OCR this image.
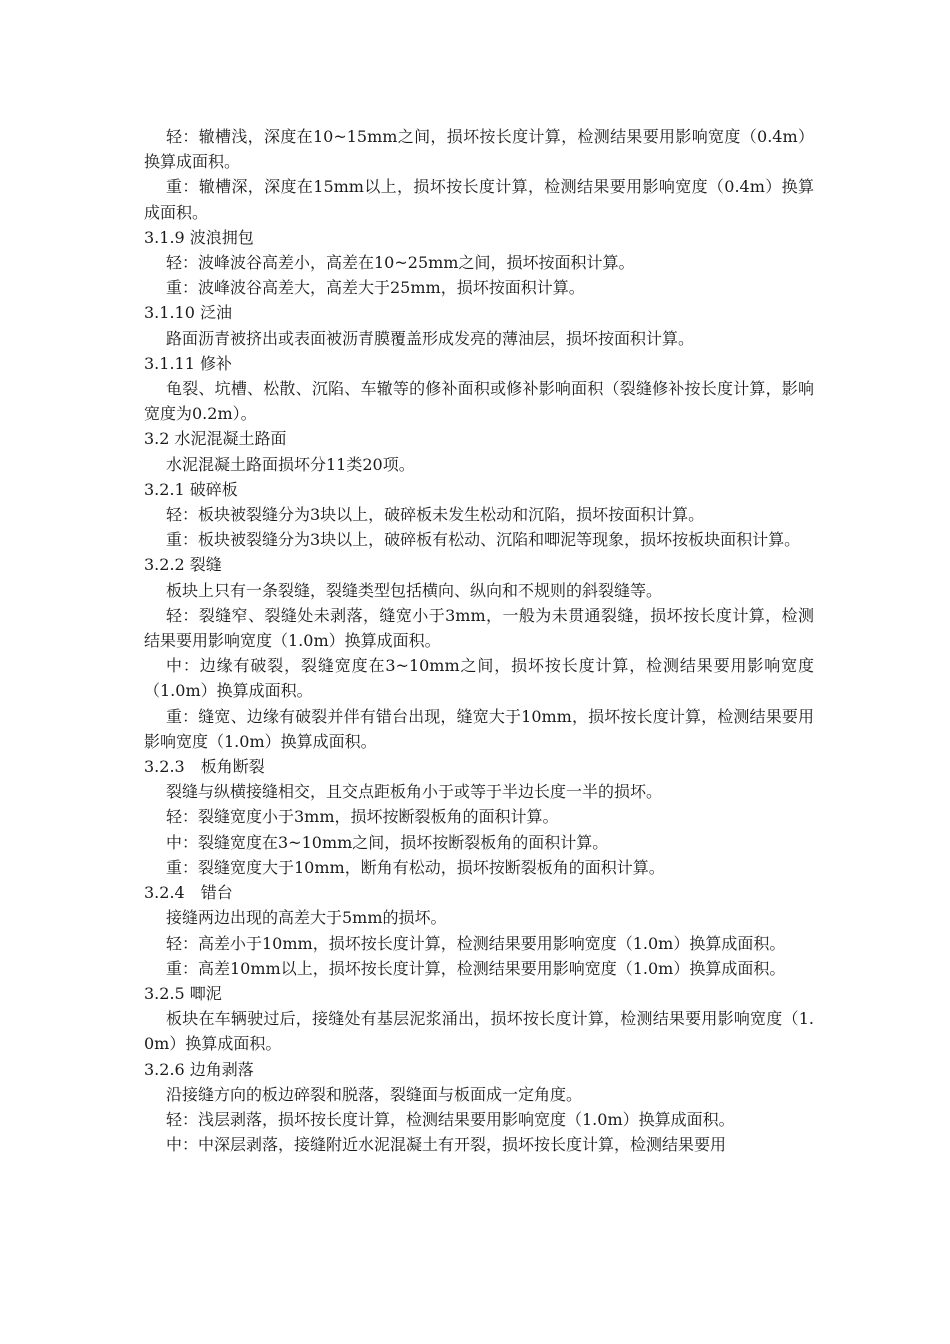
轻：辙槽浅，深度在10~15mm之间，损坏按长度计算，检测结果要用影响宽度（0.4m）换算成面积。

重：辙槽深，深度在15mm以上，损坏按长度计算，检测结果要用影响宽度（0.4m）换算成面积。

3.1.9 波浪拥包

轻：波峰波谷高差小，高差在10~25mm之间，损坏按面积计算。

重：波峰波谷高差大，高差大于25mm，损坏按面积计算。

3.1.10 泛油

路面沥青被挤出或表面被沥青膜覆盖形成发亮的薄油层，损坏按面积计算。

3.1.11 修补

龟裂、坑槽、松散、沉陷、车辙等的修补面积或修补影响面积（裂缝修补按长度计算，影响宽度为0.2m）。

3.2 水泥混凝土路面

水泥混凝土路面损坏分11类20项。

3.2.1 破碎板

轻：板块被裂缝分为3块以上，破碎板未发生松动和沉陷，损坏按面积计算。

重：板块被裂缝分为3块以上，破碎板有松动、沉陷和唧泥等现象，损坏按板块面积计算。

3.2.2 裂缝

板块上只有一条裂缝，裂缝类型包括横向、纵向和不规则的斜裂缝等。

轻：裂缝窄、裂缝处未剥落，缝宽小于3mm，一般为未贯通裂缝，损坏按长度计算，检测结果要用影响宽度（1.0m）换算成面积。

中：边缘有破裂，裂缝宽度在3~10mm之间，损坏按长度计算，检测结果要用影响宽度（1.0m）换算成面积。

重：缝宽、边缘有破裂并伴有错台出现，缝宽大于10mm，损坏按长度计算，检测结果要用影响宽度（1.0m）换算成面积。

3.2.3　板角断裂

裂缝与纵横接缝相交，且交点距板角小于或等于半边长度一半的损坏。

轻：裂缝宽度小于3mm，损坏按断裂板角的面积计算。

中：裂缝宽度在3~10mm之间，损坏按断裂板角的面积计算。

重：裂缝宽度大于10mm，断角有松动，损坏按断裂板角的面积计算。

3.2.4　错台

接缝两边出现的高差大于5mm的损坏。

轻：高差小于10mm，损坏按长度计算，检测结果要用影响宽度（1.0m）换算成面积。

重：高差10mm以上，损坏按长度计算，检测结果要用影响宽度（1.0m）换算成面积。

3.2.5 唧泥

板块在车辆驶过后，接缝处有基层泥浆涌出，损坏按长度计算，检测结果要用影响宽度（1.0m）换算成面积。

3.2.6 边角剥落

沿接缝方向的板边碎裂和脱落，裂缝面与板面成一定角度。

轻：浅层剥落，损坏按长度计算，检测结果要用影响宽度（1.0m）换算成面积。

中：中深层剥落，接缝附近水泥混凝土有开裂，损坏按长度计算，检测结果要用
